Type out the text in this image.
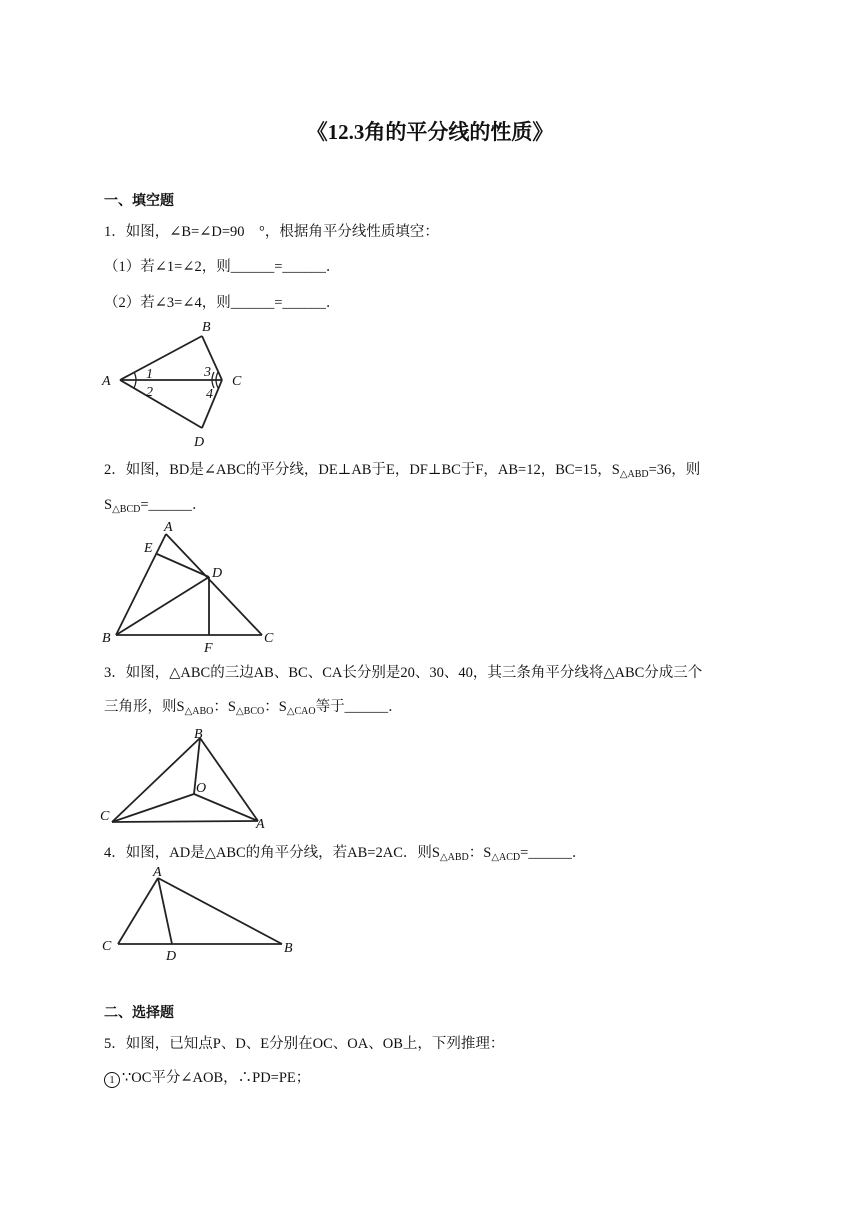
《12.3角的平分线的性质》
一、填空题
1．如图，∠B=∠D=90　°，根据角平分线性质填空：
（1）若∠1=∠2，则______=______．
（2）若∠3=∠4，则______=______．
A
B
C
D
1
2
3
4
2．如图，BD是∠ABC的平分线，DE⊥AB于E，DF⊥BC于F，AB=12，BC=15，$S_{\triangle ABD}=36$，则
$S_{\triangle BCD}=\_\_\_\_\_\_$．
A
B	C
D
E
F
3．如图，△ABC的三边AB、BC、CA长分别是20、30、40，其三条角平分线将△ABC分成三个
三角形，则$S_{\triangle ABO}$：$S_{\triangle BCO}$：$S_{\triangle CAO}$等于______．
B
C
A
O
4．如图，AD是△ABC的角平分线，若AB=2AC．则$S_{\triangle ABD}$：$S_{\triangle ACD}=\_\_\_\_\_\_$．
A
C	B
D
二、选择题
5．如图，已知点P、D、E分别在OC、OA、OB上，下列推理：
1 ∵OC平分∠AOB，∴PD=PE；
